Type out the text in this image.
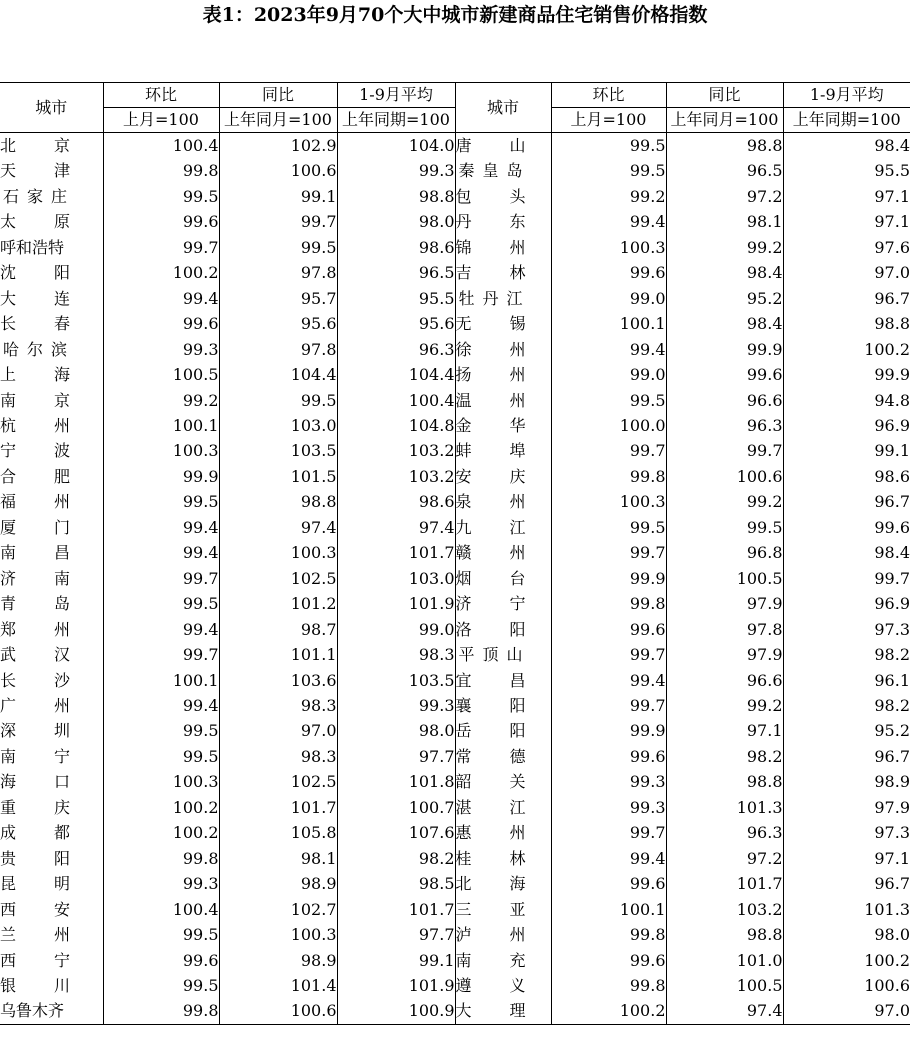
表1：2023年9月70个大中城市新建商品住宅销售价格指数
城市	环比	同比	1-9月平均	城市	环比	同比	1-9月平均
	上月=100	上年同月=100	上年同期=100		上月=100	上年同月=100	上年同期=100
北京	100.4	102.9	104.0	唐山	99.5	98.8	98.4
天津	99.8	100.6	99.3	秦皇岛	99.5	96.5	95.5
石家庄	99.5	99.1	98.8	包头	99.2	97.2	97.1
太原	99.6	99.7	98.0	丹东	99.4	98.1	97.1
呼和浩特	99.7	99.5	98.6	锦州	100.3	99.2	97.6
沈阳	100.2	97.8	96.5	吉林	99.6	98.4	97.0
大连	99.4	95.7	95.5	牡丹江	99.0	95.2	96.7
长春	99.6	95.6	95.6	无锡	100.1	98.4	98.8
哈尔滨	99.3	97.8	96.3	徐州	99.4	99.9	100.2
上海	100.5	104.4	104.4	扬州	99.0	99.6	99.9
南京	99.2	99.5	100.4	温州	99.5	96.6	94.8
杭州	100.1	103.0	104.8	金华	100.0	96.3	96.9
宁波	100.3	103.5	103.2	蚌埠	99.7	99.7	99.1
合肥	99.9	101.5	103.2	安庆	99.8	100.6	98.6
福州	99.5	98.8	98.6	泉州	100.3	99.2	96.7
厦门	99.4	97.4	97.4	九江	99.5	99.5	99.6
南昌	99.4	100.3	101.7	赣州	99.7	96.8	98.4
济南	99.7	102.5	103.0	烟台	99.9	100.5	99.7
青岛	99.5	101.2	101.9	济宁	99.8	97.9	96.9
郑州	99.4	98.7	99.0	洛阳	99.6	97.8	97.3
武汉	99.7	101.1	98.3	平顶山	99.7	97.9	98.2
长沙	100.1	103.6	103.5	宜昌	99.4	96.6	96.1
广州	99.4	98.3	99.3	襄阳	99.7	99.2	98.2
深圳	99.5	97.0	98.0	岳阳	99.9	97.1	95.2
南宁	99.5	98.3	97.7	常德	99.6	98.2	96.7
海口	100.3	102.5	101.8	韶关	99.3	98.8	98.9
重庆	100.2	101.7	100.7	湛江	99.3	101.3	97.9
成都	100.2	105.8	107.6	惠州	99.7	96.3	97.3
贵阳	99.8	98.1	98.2	桂林	99.4	97.2	97.1
昆明	99.3	98.9	98.5	北海	99.6	101.7	96.7
西安	100.4	102.7	101.7	三亚	100.1	103.2	101.3
兰州	99.5	100.3	97.7	泸州	99.8	98.8	98.0
西宁	99.6	98.9	99.1	南充	99.6	101.0	100.2
银川	99.5	101.4	101.9	遵义	99.8	100.5	100.6
乌鲁木齐	99.8	100.6	100.9	大理	100.2	97.4	97.0
